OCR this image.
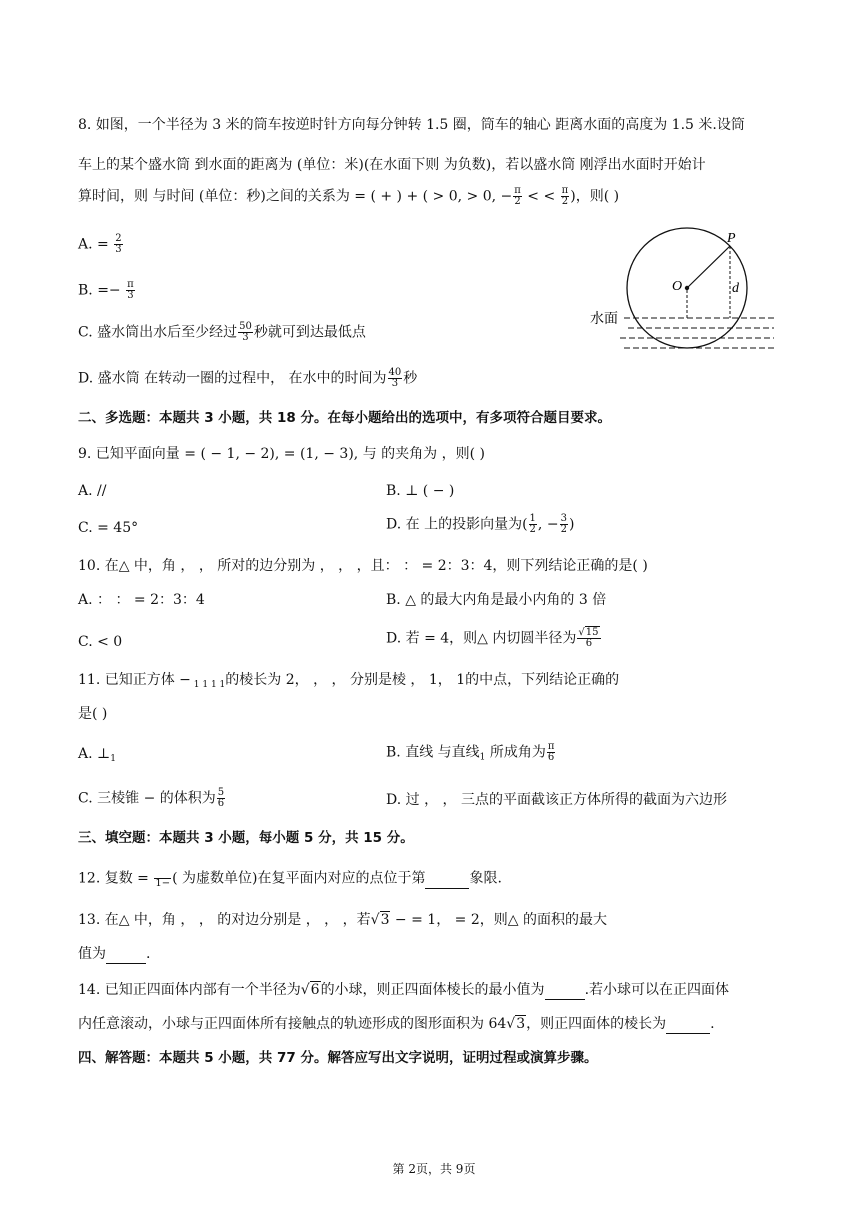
8. 如图，一个半径为 3 米的筒车按逆时针方向每分钟转 1.5 圈，筒车的轴心 距离水面的高度为 1.5 米.设筒
车上的某个盛水筒 到水面的距离为 (单位：米)(在水面下则 为负数)，若以盛水筒 刚浮出水面时开始计
算时间，则 与时间 (单位：秒)之间的关系为 = ( + ) + ( > 0, > 0, − $\frac{\pi}{2}$ < < $\frac{\pi}{2}$ )，则( )
A. = $\frac{2}{3}$
B. =− $\frac{\pi}{3}$
C. 盛水筒出水后至少经过 $\frac{50}{3}$ 秒就可到达最低点
D. 盛水筒 在转动一圈的过程中， 在水中的时间为 $\frac{40}{3}$ 秒
P
O	d
水面
二、多选题：本题共 3 小题，共 18 分。在每小题给出的选项中，有多项符合题目要求。
9. 已知平面向量 = ( − 1, − 2), = (1, − 3), 与 的夹角为 ，则( )
A. //	B. ⊥ ( − )
C. = 45°	D. 在 上的投影向量为( $\frac{1}{2}$ , − $\frac{3}{2}$ )
10. 在△ 中，角 ， ， 所对的边分别为 ， ， ，且： ： = 2：3：4，则下列结论正确的是( )
A. ： ： = 2：3：4	B. △ 的最大内角是最小内角的 3 倍
C. < 0	D. 若 = 4，则△ 内切圆半径为 $\frac{√15}{6}$
11. 已知正方体 − $_{1 1 1 1}$的棱长为 2， ， ， 分别是棱 ， 1， 1的中点，下列结论正确的
是( )
A. $\perp_1$	B. 直线 与直线$_1$ 所成角为 $\frac{\pi}{6}$
C. 三棱锥 − 的体积为 $\frac{5}{6}$	D. 过 ， ， 三点的平面截该正方体所得的截面为六边形
三、填空题：本题共 3 小题，每小题 5 分，共 15 分。
12. 复数 =
1− ( 为虚数单位)在复平面内对应的点位于第	象限.
13. 在△ 中，角 ， ， 的对边分别是 ， ， ，若√3 − = 1， = 2，则△ 的面积的最大
值为	.
14. 已知正四面体内部有一个半径为√6的小球，则正四面体棱长的最小值为	.若小球可以在正四面体
内任意滚动，小球与正四面体所有接触点的轨迹形成的图形面积为 64√3，则正四面体的棱长为	.
四、解答题：本题共 5 小题，共 77 分。解答应写出文字说明，证明过程或演算步骤。
第 2页，共 9页
